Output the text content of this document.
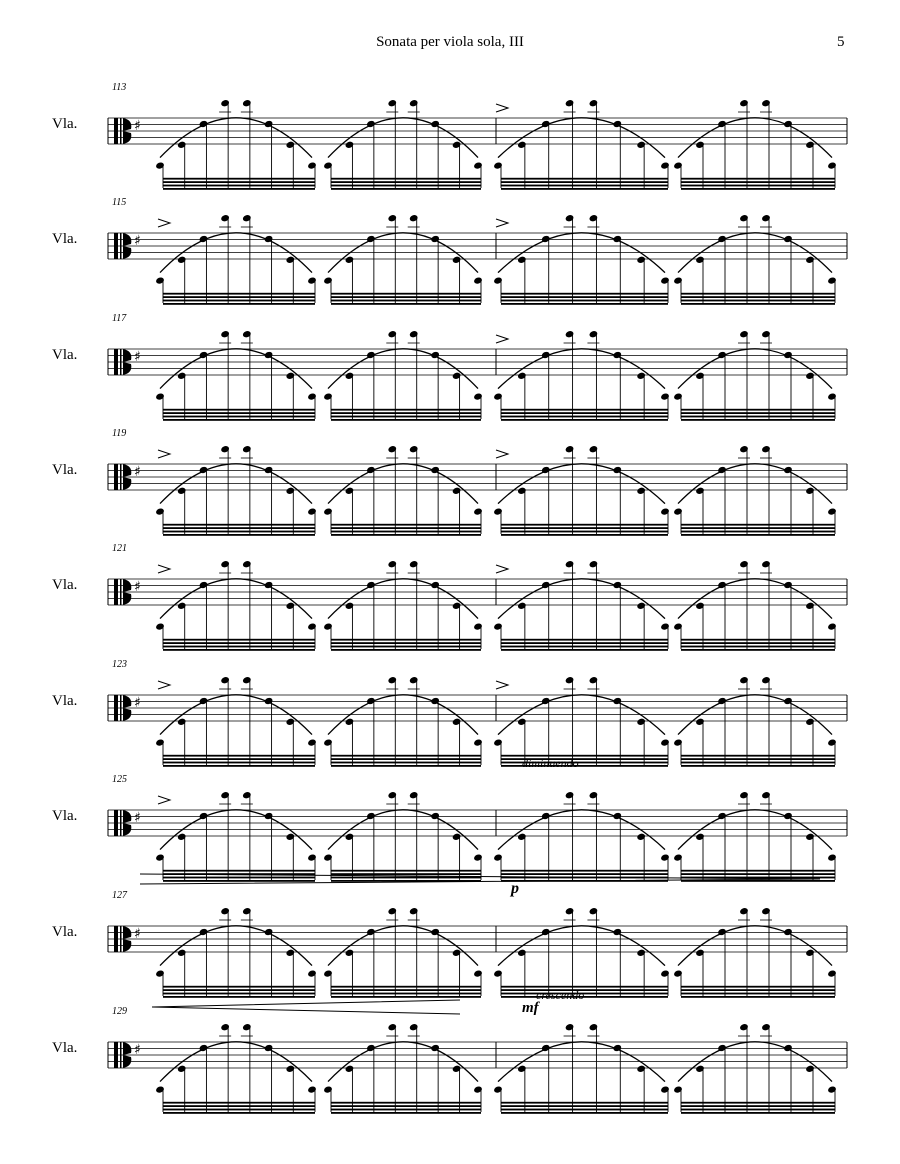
Sonata per viola sola, III	5
113
Vla.	♯
115
Vla.	♯
117
Vla.	♯
119
Vla.	♯
121
Vla.	♯
123
Vla.	♯
125
Vla.	♯
127
Vla.	♯
129
Vla.	♯
diminuendo
p
crescendo
mf
